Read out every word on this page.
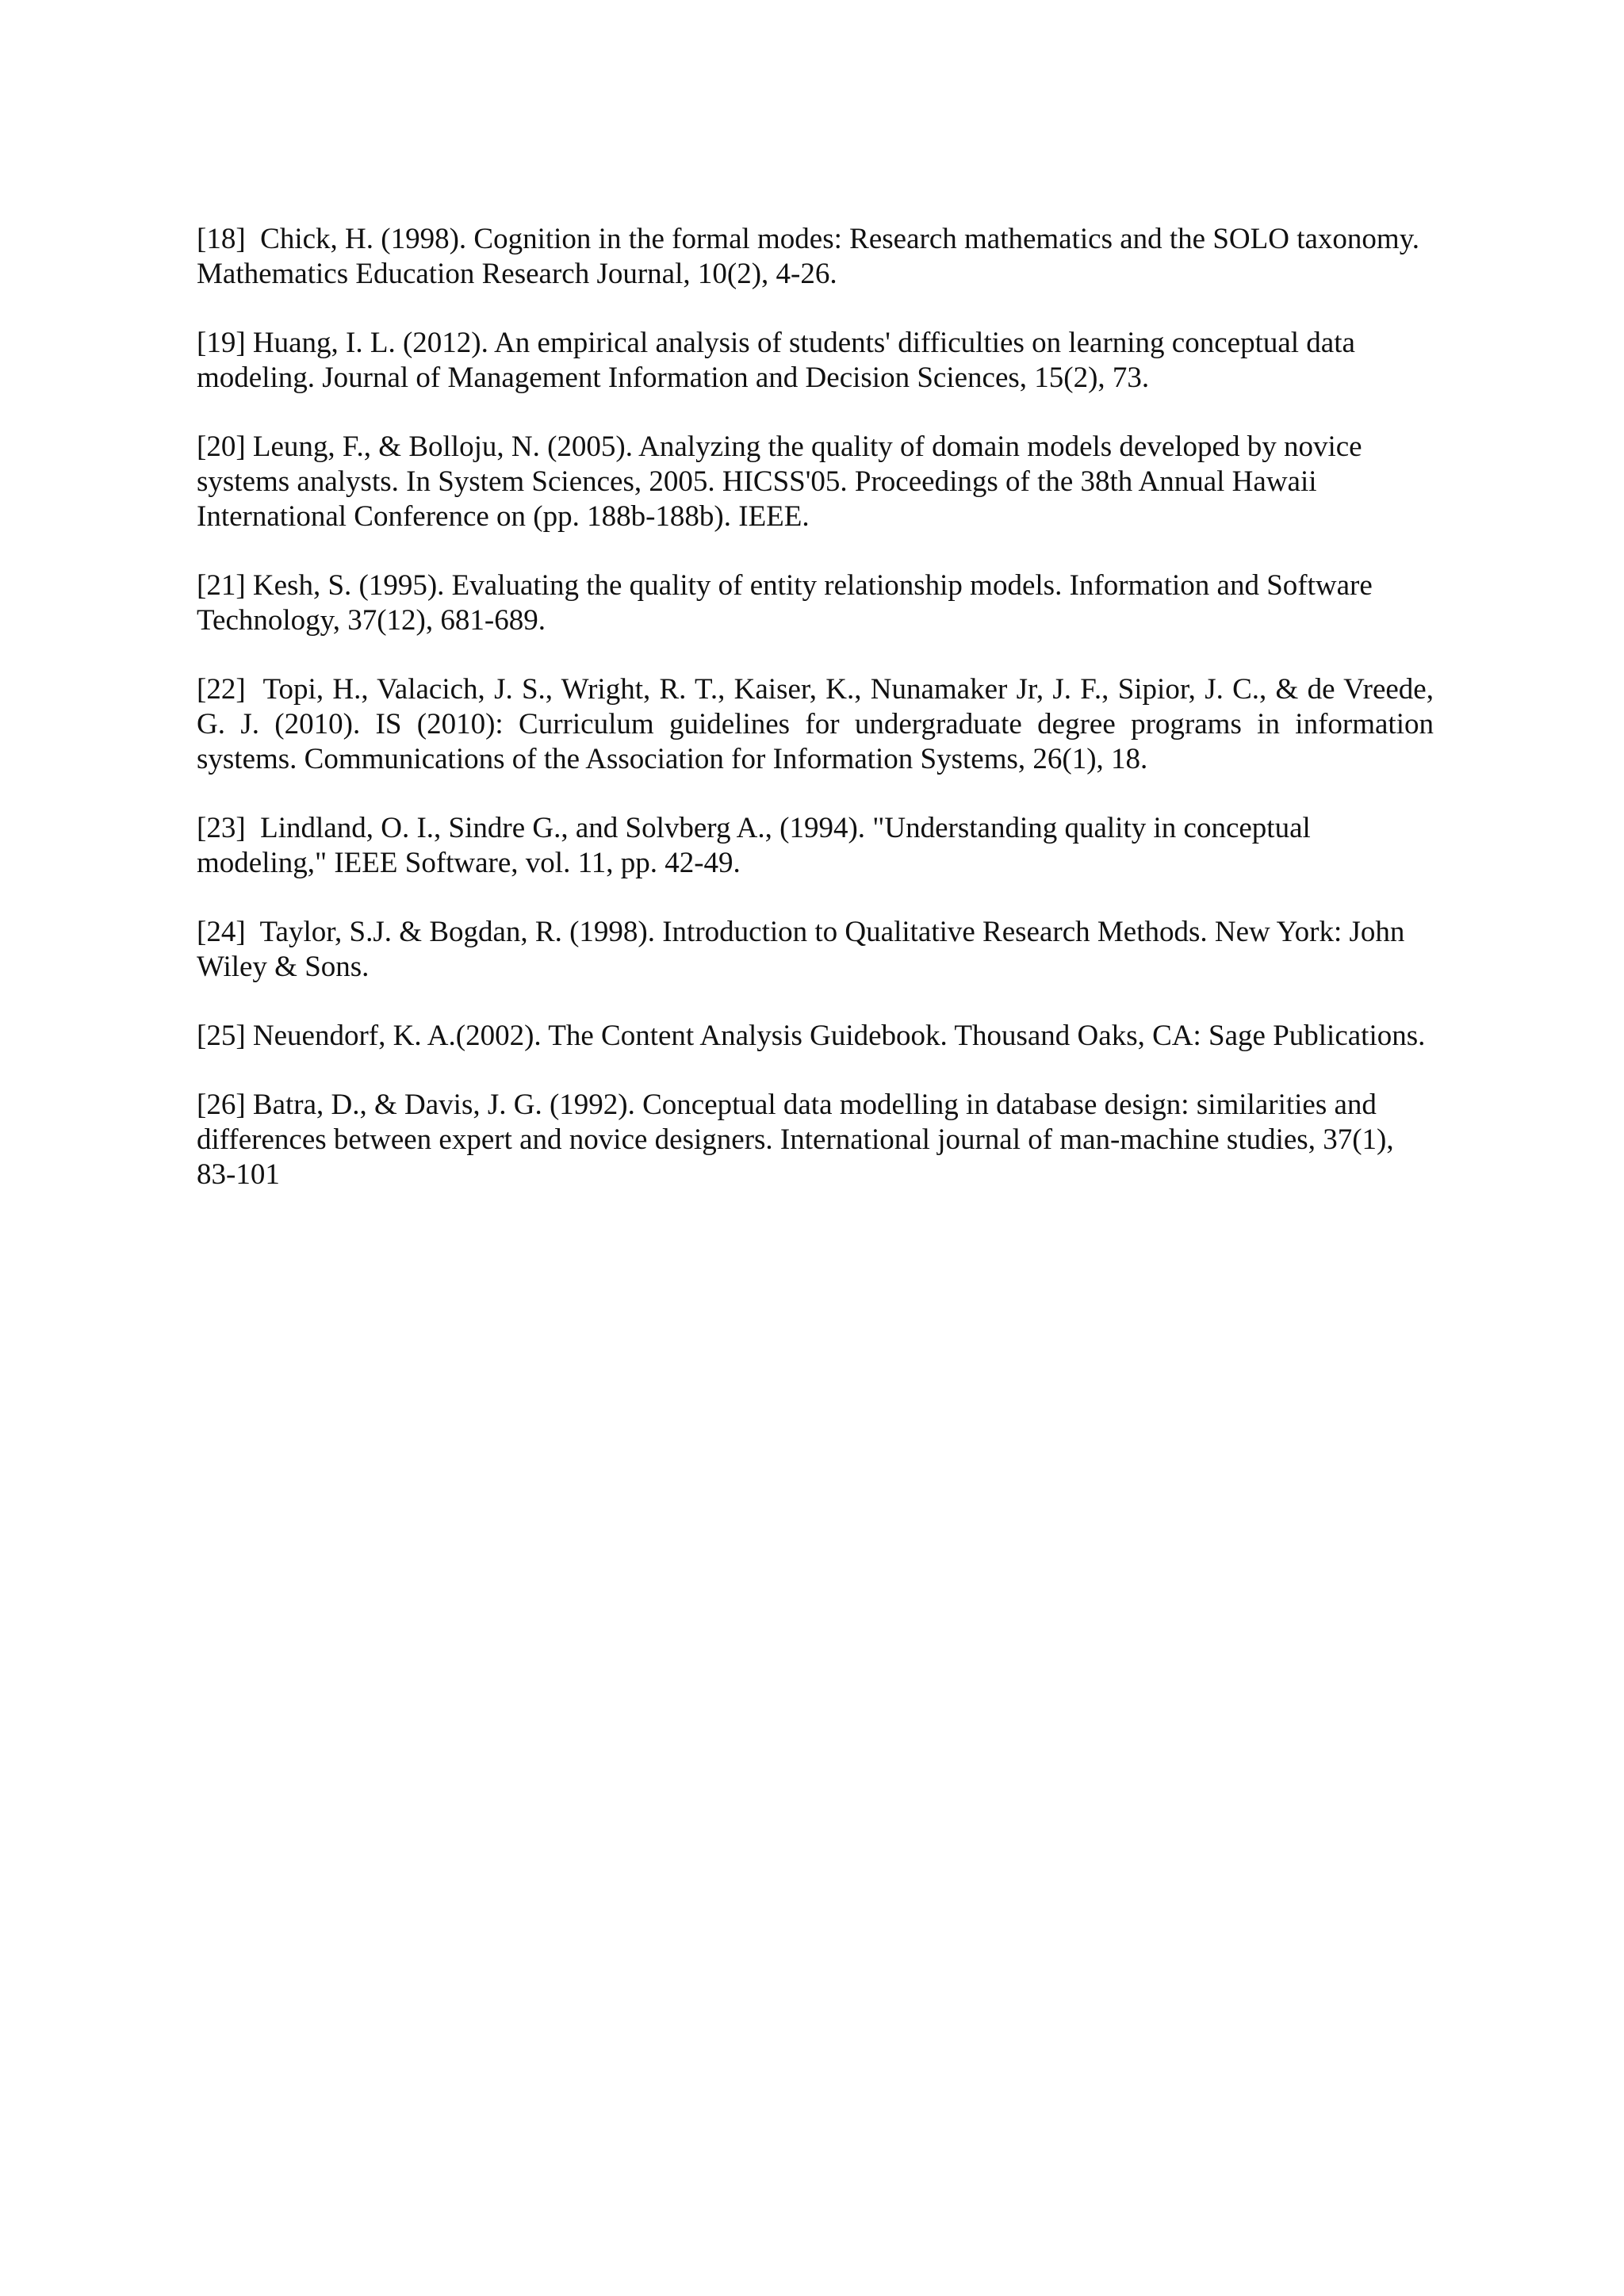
[18] Chick, H. (1998). Cognition in the formal modes: Research mathematics and the SOLO taxonomy. Mathematics Education Research Journal, 10(2), 4-26.

[19] Huang, I. L. (2012). An empirical analysis of students' difficulties on learning conceptual data modeling. Journal of Management Information and Decision Sciences, 15(2), 73.

[20] Leung, F., & Bolloju, N. (2005). Analyzing the quality of domain models developed by novice systems analysts. In System Sciences, 2005. HICSS'05. Proceedings of the 38th Annual Hawaii International Conference on (pp. 188b-188b). IEEE.

[21] Kesh, S. (1995). Evaluating the quality of entity relationship models. Information and Software Technology, 37(12), 681-689.

[22] Topi, H., Valacich, J. S., Wright, R. T., Kaiser, K., Nunamaker Jr, J. F., Sipior, J. C., & de Vreede, G. J. (2010). IS (2010): Curriculum guidelines for undergraduate degree programs in information systems. Communications of the Association for Information Systems, 26(1), 18.

[23] Lindland, O. I., Sindre G., and Solvberg A., (1994). "Understanding quality in conceptual modeling," IEEE Software, vol. 11, pp. 42-49.

[24] Taylor, S.J. & Bogdan, R. (1998). Introduction to Qualitative Research Methods. New York: John Wiley & Sons.

[25] Neuendorf, K. A.(2002). The Content Analysis Guidebook. Thousand Oaks, CA: Sage Publications.

[26] Batra, D., & Davis, J. G. (1992). Conceptual data modelling in database design: similarities and differences between expert and novice designers. International journal of man-machine studies, 37(1), 83-101
